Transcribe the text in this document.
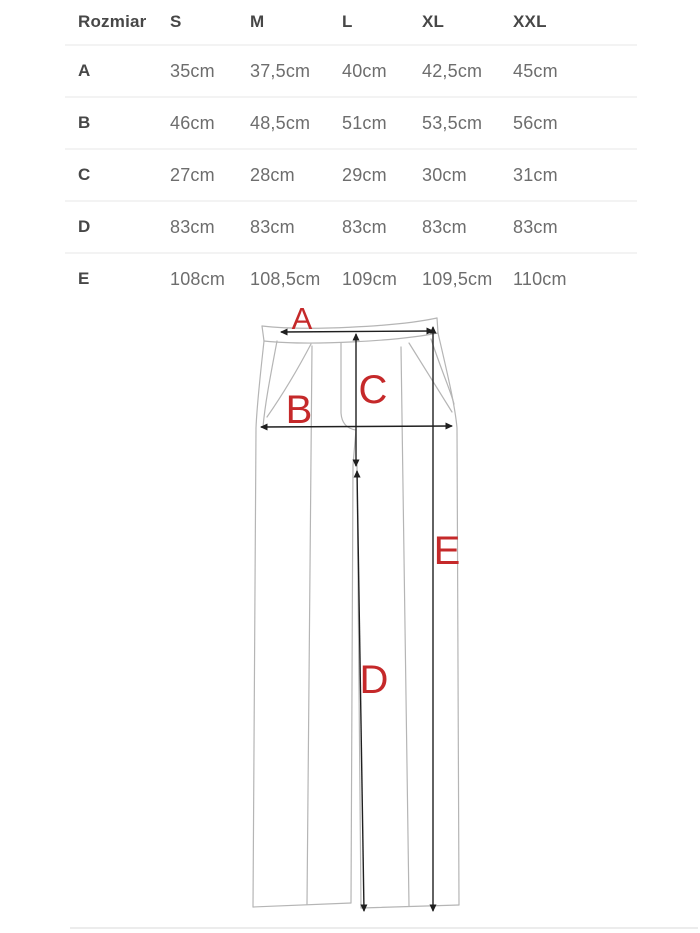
Rozmiar	S	M	L	XL	XXL
A	35cm	37,5cm	40cm	42,5cm	45cm
B	46cm	48,5cm	51cm	53,5cm	56cm
C	27cm	28cm	29cm	30cm	31cm
D	83cm	83cm	83cm	83cm	83cm
E	108cm	108,5cm	109cm	109,5cm	110cm
A
B C
D
E
